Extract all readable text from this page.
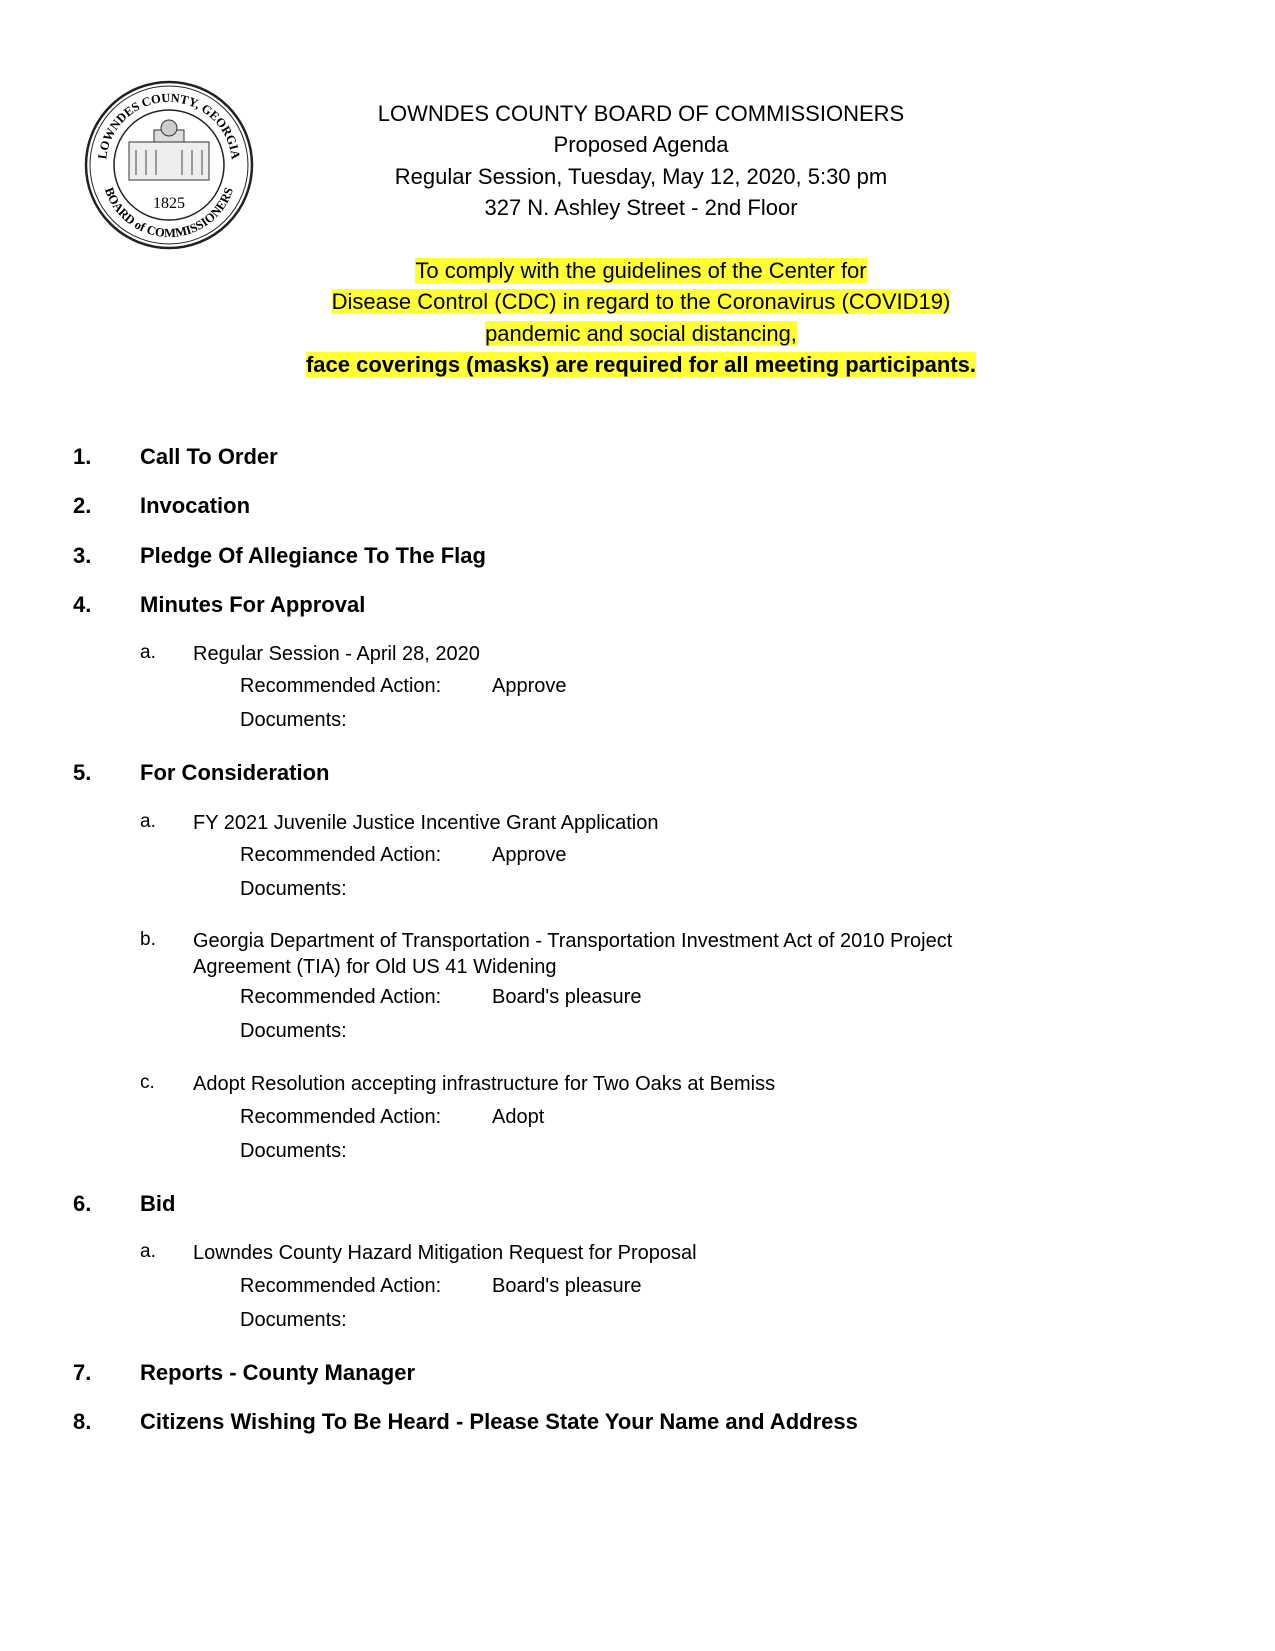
1825
LOWNDES COUNTY, GEORGIA
BOARD of COMMISSIONERS
LOWNDES COUNTY BOARD OF COMMISSIONERS
Proposed Agenda
Regular Session, Tuesday, May 12, 2020, 5:30 pm
327 N. Ashley Street - 2nd Floor
To comply with the guidelines of the Center for
Disease Control (CDC) in regard to the Coronavirus (COVID19)
pandemic and social distancing,
face coverings (masks) are required for all meeting participants.
1. Call To Order
2. Invocation
3. Pledge Of Allegiance To The Flag
4. Minutes For Approval
a. Regular Session - April 28, 2020
Recommended Action:	Approve
Documents:
5. For Consideration
a. FY 2021 Juvenile Justice Incentive Grant Application
Recommended Action:	Approve
Documents:
b. Georgia Department of Transportation - Transportation Investment Act of 2010 Project
Agreement (TIA) for Old US 41 Widening
Recommended Action:	Board's pleasure
Documents:
c. Adopt Resolution accepting infrastructure for Two Oaks at Bemiss
Recommended Action:	Adopt
Documents:
6. Bid
a. Lowndes County Hazard Mitigation Request for Proposal
Recommended Action:	Board's pleasure
Documents:
7. Reports - County Manager
8. Citizens Wishing To Be Heard - Please State Your Name and Address
